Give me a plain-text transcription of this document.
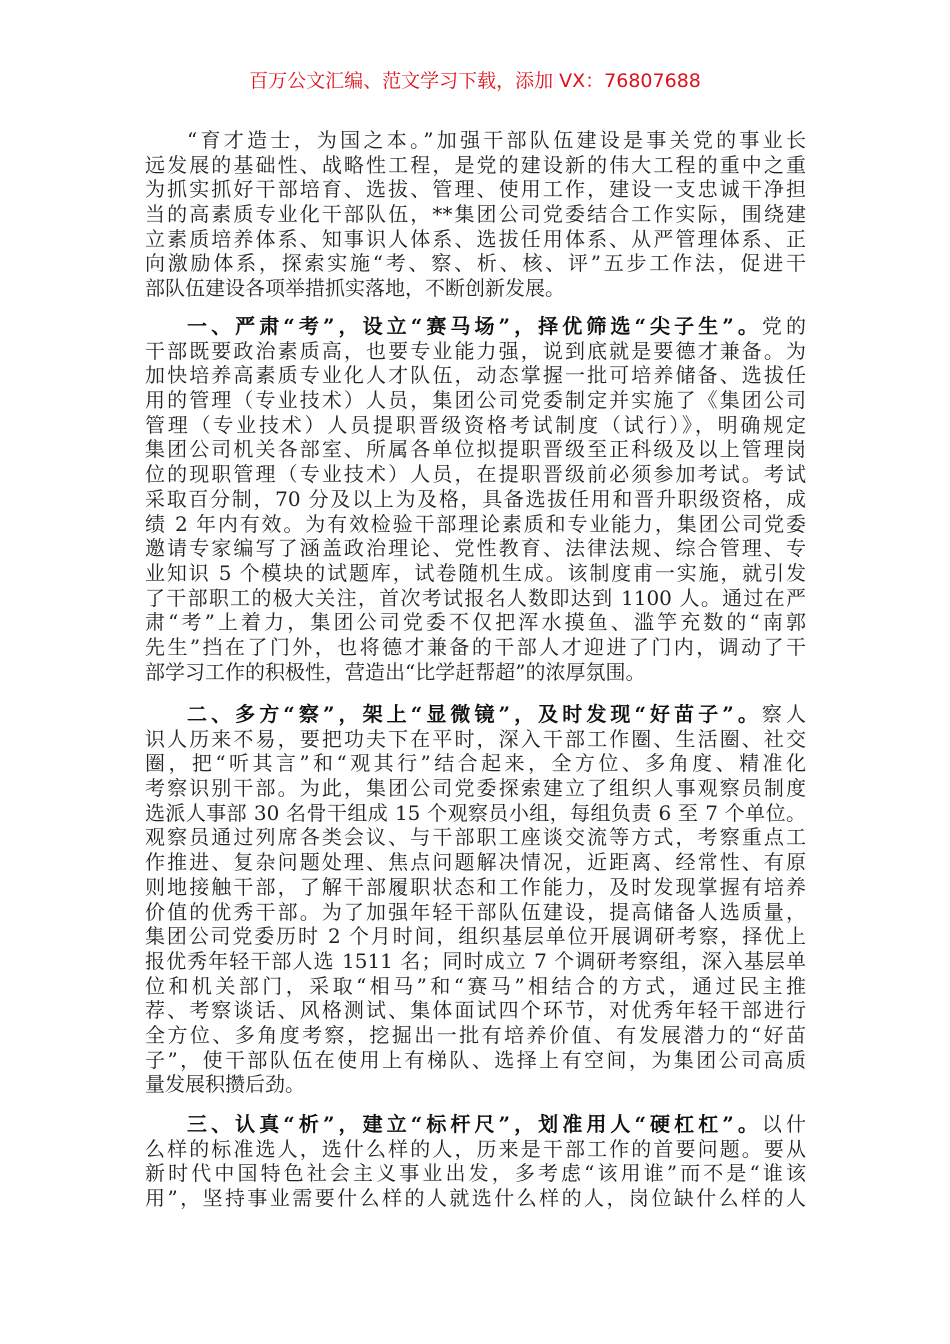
百万公文汇编、范文学习下载，添加 VX：76807688
“育才造士，为国之本。”加强干部队伍建设是事关党的事业长
远发展的基础性、战略性工程，是党的建设新的伟大工程的重中之重
为抓实抓好干部培育、选拔、管理、使用工作，建设一支忠诚干净担
当的高素质专业化干部队伍，**集团公司党委结合工作实际，围绕建
立素质培养体系、知事识人体系、选拔任用体系、从严管理体系、正
向激励体系，探索实施“考、察、析、核、评”五步工作法，促进干
部队伍建设各项举措抓实落地，不断创新发展。
一、严肃“考”，设立“赛马场”，择优筛选“尖子生”。党的
干部既要政治素质高，也要专业能力强，说到底就是要德才兼备。为
加快培养高素质专业化人才队伍，动态掌握一批可培养储备、选拔任
用的管理（专业技术）人员，集团公司党委制定并实施了《集团公司
管理（专业技术）人员提职晋级资格考试制度（试行）》，明确规定
集团公司机关各部室、所属各单位拟提职晋级至正科级及以上管理岗
位的现职管理（专业技术）人员，在提职晋级前必须参加考试。考试
采取百分制，70 分及以上为及格，具备选拔任用和晋升职级资格，成
绩 2 年内有效。为有效检验干部理论素质和专业能力，集团公司党委
邀请专家编写了涵盖政治理论、党性教育、法律法规、综合管理、专
业知识 5 个模块的试题库，试卷随机生成。该制度甫一实施，就引发
了干部职工的极大关注，首次考试报名人数即达到 1100 人。通过在严
肃“考”上着力，集团公司党委不仅把浑水摸鱼、滥竽充数的“南郭
先生”挡在了门外，也将德才兼备的干部人才迎进了门内，调动了干
部学习工作的积极性，营造出“比学赶帮超”的浓厚氛围。
二、多方“察”，架上“显微镜”，及时发现“好苗子”。察人
识人历来不易，要把功夫下在平时，深入干部工作圈、生活圈、社交
圈，把“听其言”和“观其行”结合起来，全方位、多角度、精准化
考察识别干部。为此，集团公司党委探索建立了组织人事观察员制度
选派人事部 30 名骨干组成 15 个观察员小组，每组负责 6 至 7 个单位。
观察员通过列席各类会议、与干部职工座谈交流等方式，考察重点工
作推进、复杂问题处理、焦点问题解决情况，近距离、经常性、有原
则地接触干部，了解干部履职状态和工作能力，及时发现掌握有培养
价值的优秀干部。为了加强年轻干部队伍建设，提高储备人选质量，
集团公司党委历时 2 个月时间，组织基层单位开展调研考察，择优上
报优秀年轻干部人选 1511 名；同时成立 7 个调研考察组，深入基层单
位和机关部门，采取“相马”和“赛马”相结合的方式，通过民主推
荐、考察谈话、风格测试、集体面试四个环节，对优秀年轻干部进行
全方位、多角度考察，挖掘出一批有培养价值、有发展潜力的“好苗
子”，使干部队伍在使用上有梯队、选择上有空间，为集团公司高质
量发展积攒后劲。
三、认真“析”，建立“标杆尺”，划准用人“硬杠杠”。以什
么样的标准选人，选什么样的人，历来是干部工作的首要问题。要从
新时代中国特色社会主义事业出发，多考虑“该用谁”而不是“谁该
用”，坚持事业需要什么样的人就选什么样的人，岗位缺什么样的人
